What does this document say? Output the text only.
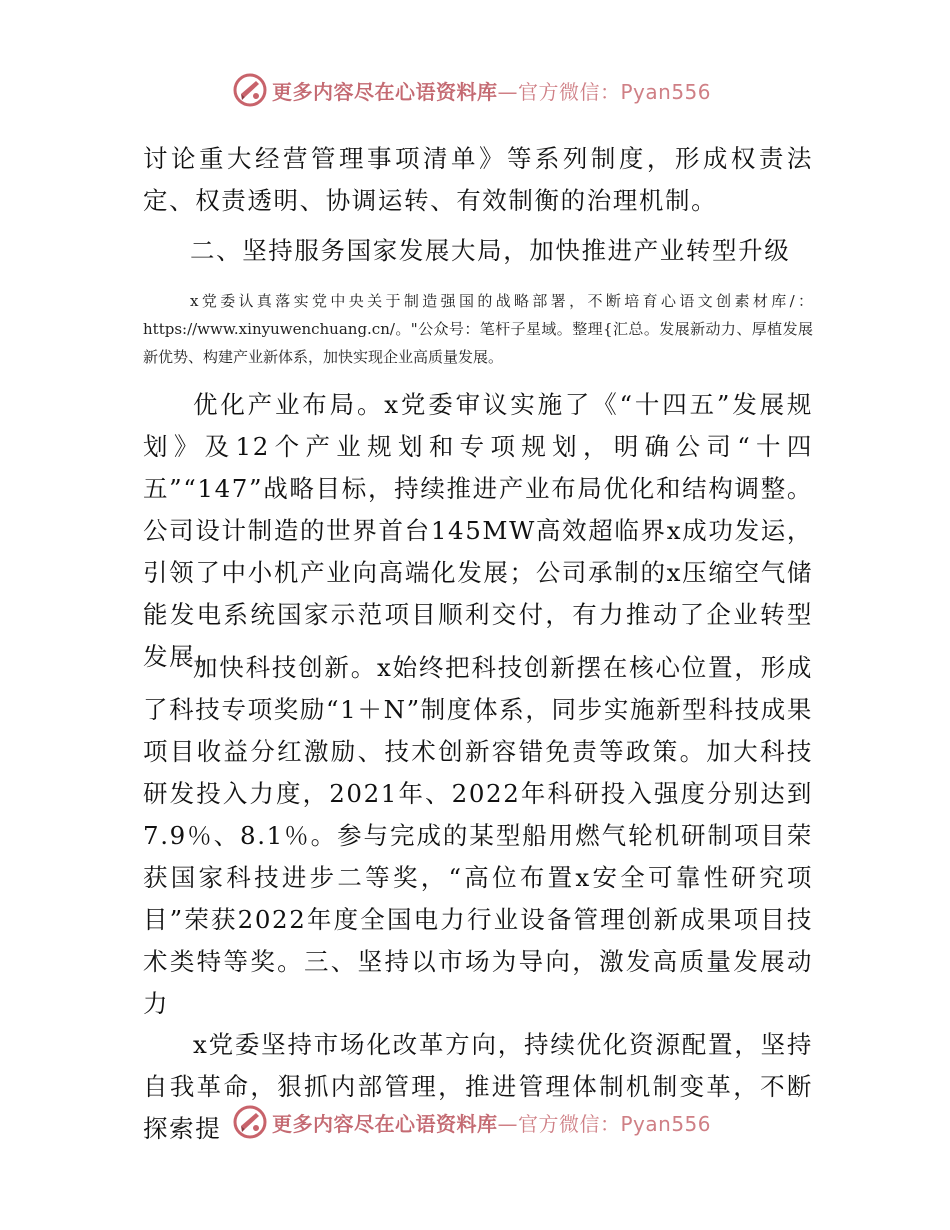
更多内容尽在心语资料库—官方微信：Pyan556

讨论重大经营管理事项清单》等系列制度，形成权责法定、权责透明、协调运转、有效制衡的治理机制。

二、坚持服务国家发展大局，加快推进产业转型升级

x党委认真落实党中央关于制造强国的战略部署，不断培育心语文创素材库/：https://www.xinyuwenchuang.cn/。"公众号：笔杆子星域。整理{汇总。发展新动力、厚植发展新优势、构建产业新体系，加快实现企业高质量发展。

优化产业布局。x党委审议实施了《“十四五”发展规划》及12个产业规划和专项规划，明确公司“十四五”“147”战略目标，持续推进产业布局优化和结构调整。公司设计制造的世界首台145MW高效超临界x成功发运，引领了中小机产业向高端化发展；公司承制的x压缩空气储能发电系统国家示范项目顺利交付，有力推动了企业转型发展。

加快科技创新。x始终把科技创新摆在核心位置，形成了科技专项奖励“1＋N”制度体系，同步实施新型科技成果项目收益分红激励、技术创新容错免责等政策。加大科技研发投入力度，2021年、2022年科研投入强度分别达到7.9％、8.1％。参与完成的某型船用燃气轮机研制项目荣获国家科技进步二等奖，“高位布置x安全可靠性研究项目”荣获2022年度全国电力行业设备管理创新成果项目技术类特等奖。三、坚持以市场为导向，激发高质量发展动力

x党委坚持市场化改革方向，持续优化资源配置，坚持自我革命，狠抓内部管理，推进管理体制机制变革，不断探索提	更多内容尽在心语资料库—官方微信：Pyan556
